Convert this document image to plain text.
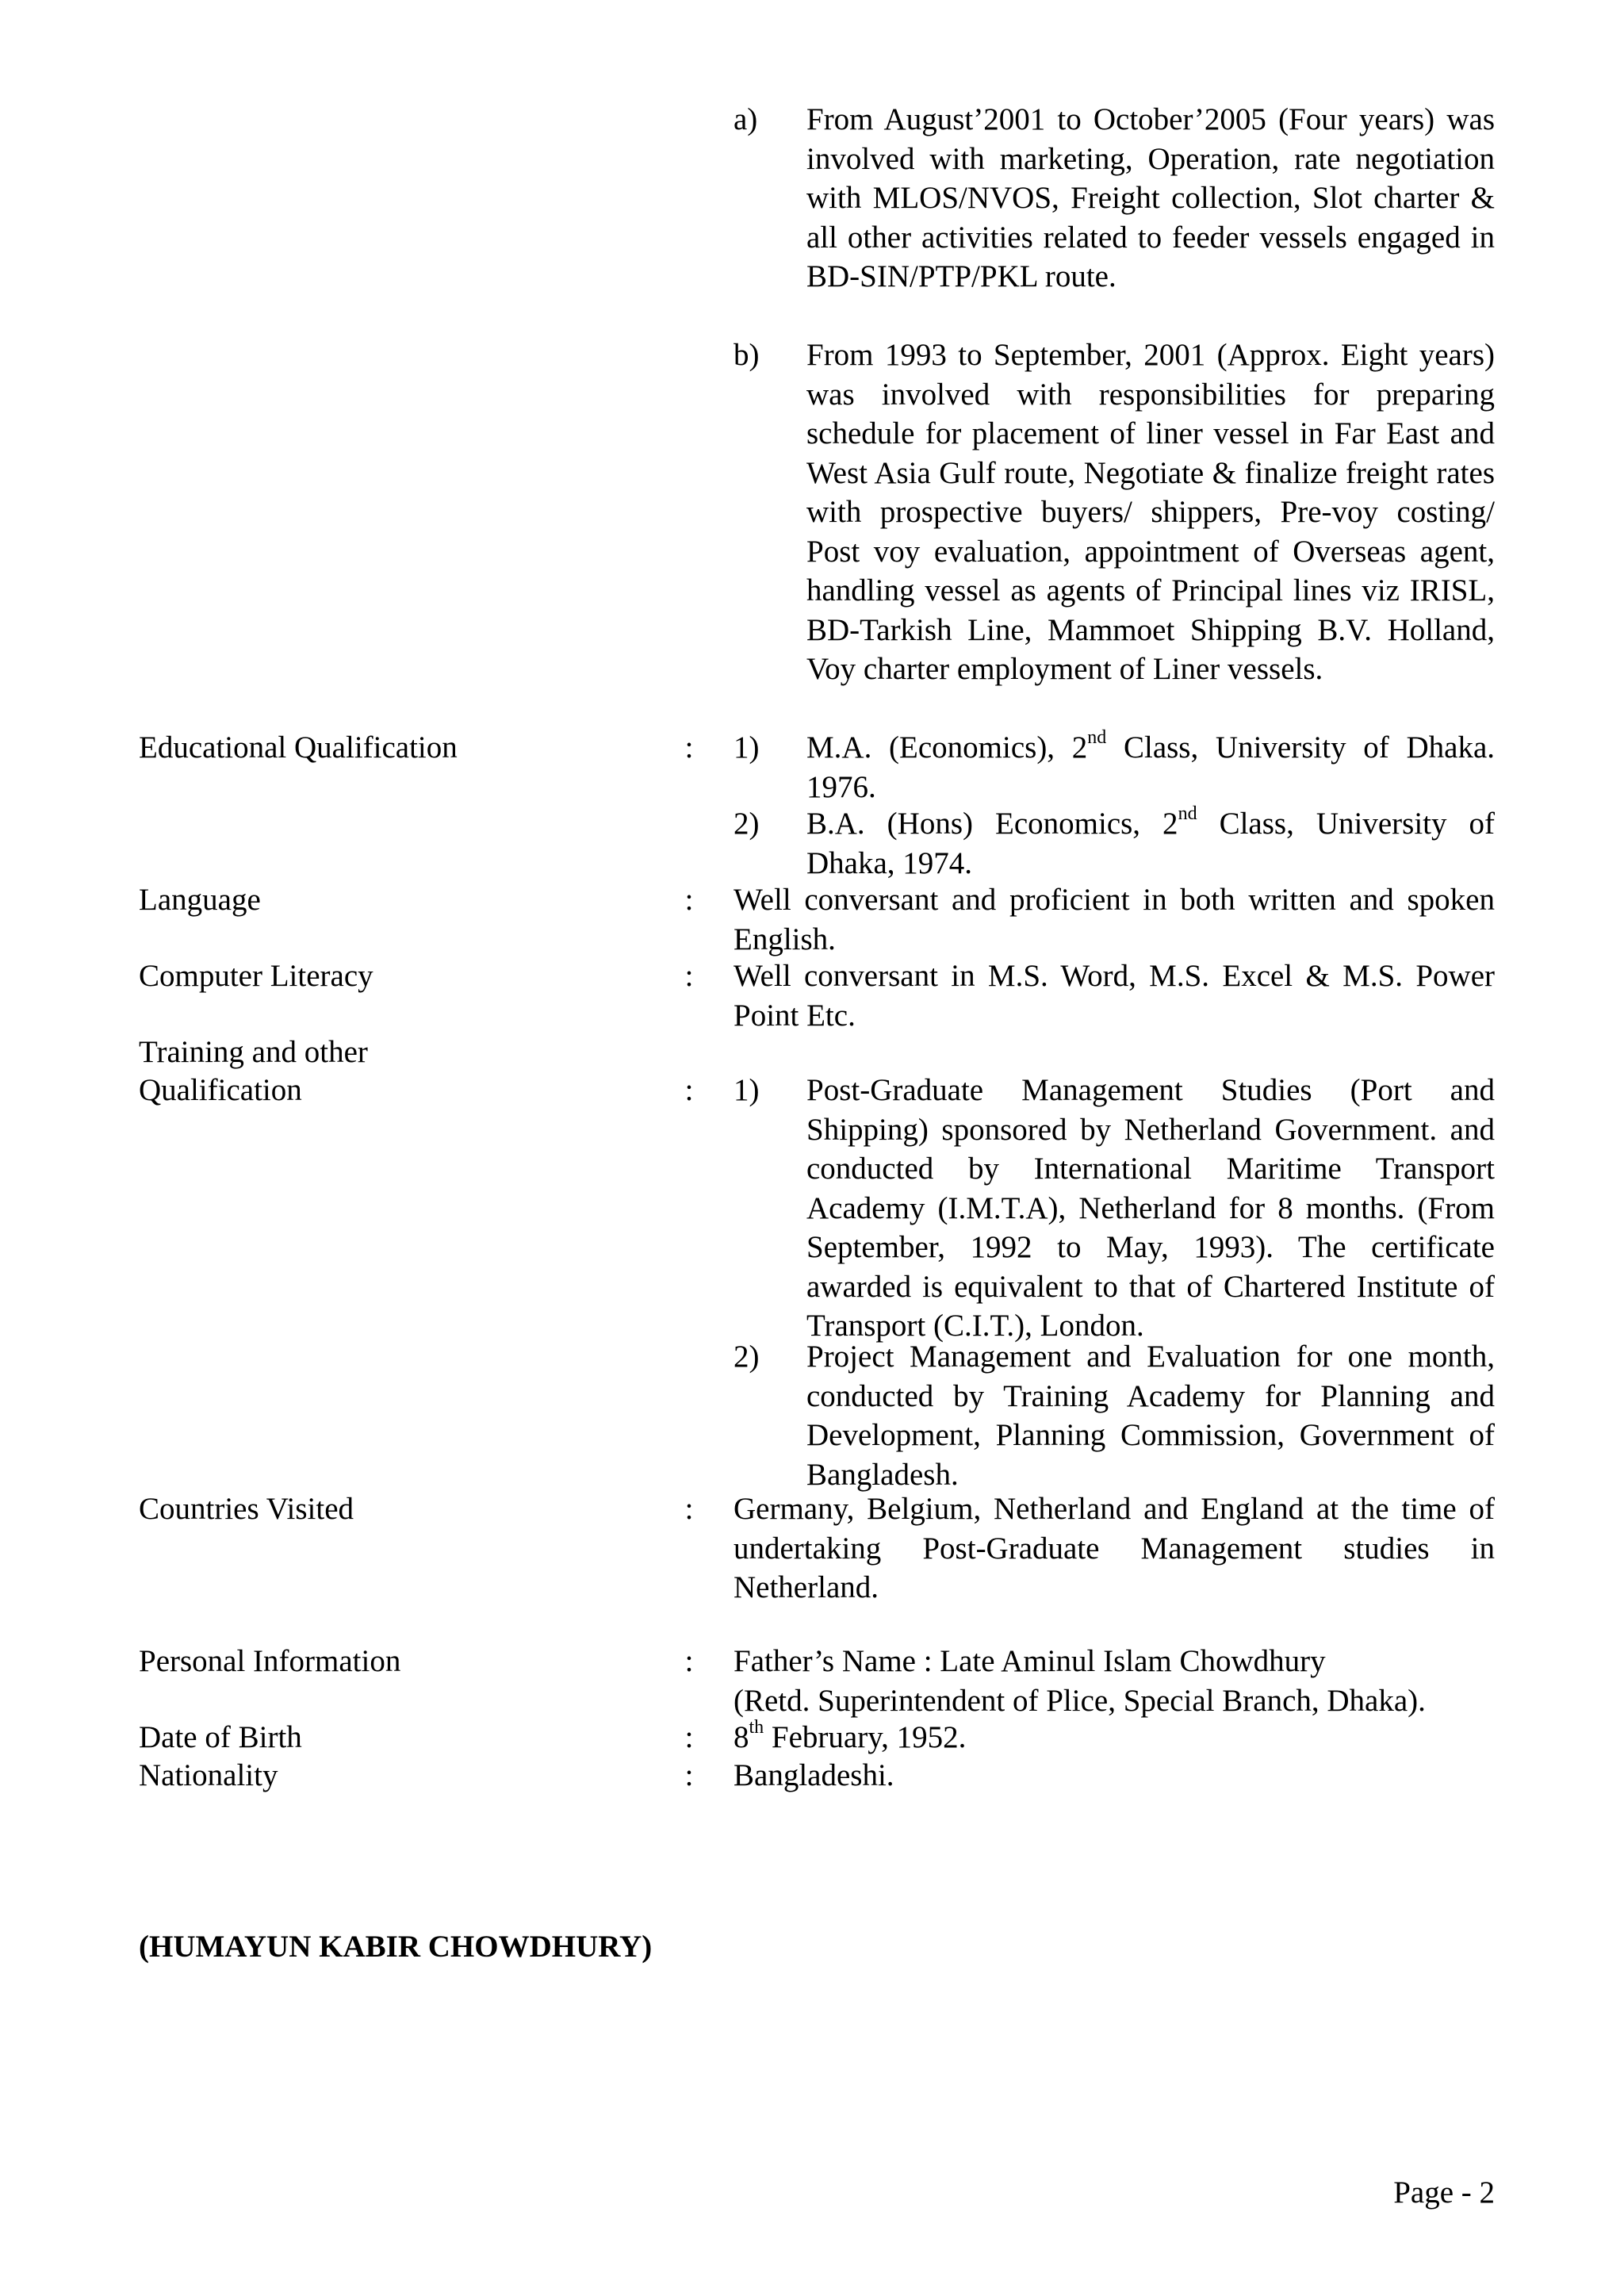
a)	From August’2001 to October’2005 (Four years) was involved with marketing, Operation, rate negotiation with MLOS/NVOS, Freight collection, Slot charter & all other activities related to feeder vessels engaged in BD-SIN/PTP/PKL route.

b)	From 1993 to September, 2001 (Approx. Eight years) was involved with responsibilities for preparing schedule for placement of liner vessel in Far East and West Asia Gulf route, Negotiate & finalize freight rates with prospective buyers/ shippers, Pre-voy costing/ Post voy evaluation, appointment of Overseas agent, handling vessel as agents of Principal lines viz IRISL, BD-Tarkish Line, Mammoet Shipping B.V. Holland, Voy charter employment of Liner vessels.

Educational Qualification	: 1)	M.A. (Economics), 2nd Class, University of Dhaka. 1976.

2)	B.A. (Hons) Economics, 2nd Class, University of Dhaka, 1974.

Language	: Well conversant and proficient in both written and spoken English.

Computer Literacy	: Well conversant in M.S. Word, M.S. Excel & M.S. Power Point Etc.

Training and other
Qualification	: 1)	Post-Graduate Management Studies (Port and Shipping) sponsored by Netherland Government. and conducted by International Maritime Transport Academy (I.M.T.A), Netherland for 8 months. (From September, 1992 to May, 1993). The certificate awarded is equivalent to that of Chartered Institute of Transport (C.I.T.), London.

2)	Project Management and Evaluation for one month, conducted by Training Academy for Planning and Development, Planning Commission, Government of Bangladesh.

Countries Visited	: Germany, Belgium, Netherland and England at the time of undertaking Post-Graduate Management studies in Netherland.

Personal Information	: Father’s Name : Late Aminul Islam Chowdhury
(Retd. Superintendent of Plice, Special Branch, Dhaka).
Date of Birth	: 8th February, 1952.
Nationality	: Bangladeshi.
(HUMAYUN KABIR CHOWDHURY)
Page - 2
